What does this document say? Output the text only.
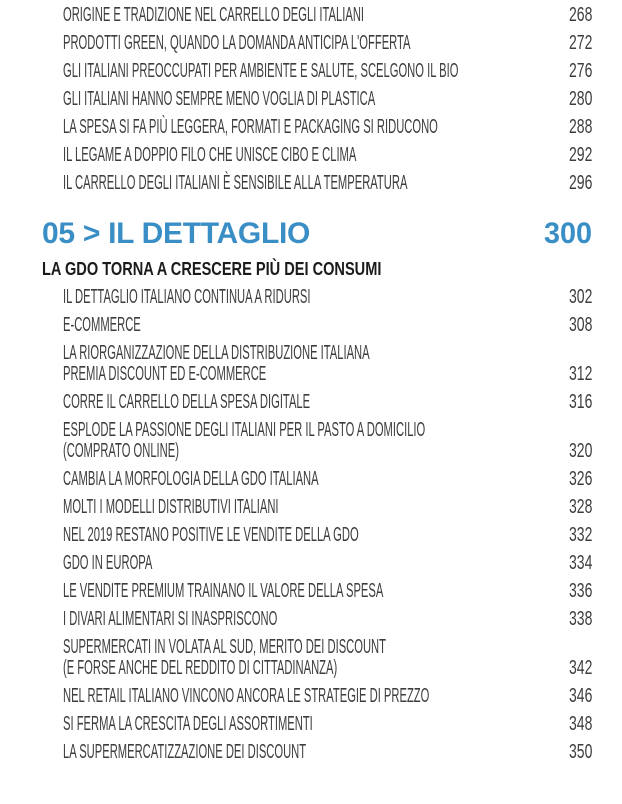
ORIGINE E TRADIZIONE NEL CARRELLO DEGLI ITALIANI	268
PRODOTTI GREEN, QUANDO LA DOMANDA ANTICIPA L'OFFERTA	272
GLI ITALIANI PREOCCUPATI PER AMBIENTE E SALUTE, SCELGONO IL BIO	276
GLI ITALIANI HANNO SEMPRE MENO VOGLIA DI PLASTICA	280
LA SPESA SI FA PIÙ LEGGERA, FORMATI E PACKAGING SI RIDUCONO	288
IL LEGAME A DOPPIO FILO CHE UNISCE CIBO E CLIMA	292
IL CARRELLO DEGLI ITALIANI È SENSIBILE ALLA TEMPERATURA	296
05 > IL DETTAGLIO	300
LA GDO TORNA A CRESCERE PIÙ DEI CONSUMI
IL DETTAGLIO ITALIANO CONTINUA A RIDURSI	302
E-COMMERCE	308
LA RIORGANIZZAZIONE DELLA DISTRIBUZIONE ITALIANA
PREMIA DISCOUNT ED E-COMMERCE	312
CORRE IL CARRELLO DELLA SPESA DIGITALE	316
ESPLODE LA PASSIONE DEGLI ITALIANI PER IL PASTO A DOMICILIO
(COMPRATO ONLINE)	320
CAMBIA LA MORFOLOGIA DELLA GDO ITALIANA	326
MOLTI I MODELLI DISTRIBUTIVI ITALIANI	328
NEL 2019 RESTANO POSITIVE LE VENDITE DELLA GDO	332
GDO IN EUROPA	334
LE VENDITE PREMIUM TRAINANO IL VALORE DELLA SPESA	336
I DIVARI ALIMENTARI SI INASPRISCONO	338
SUPERMERCATI IN VOLATA AL SUD, MERITO DEI DISCOUNT
(E FORSE ANCHE DEL REDDITO DI CITTADINANZA)	342
NEL RETAIL ITALIANO VINCONO ANCORA LE STRATEGIE DI PREZZO	346
SI FERMA LA CRESCITA DEGLI ASSORTIMENTI	348
LA SUPERMERCATIZZAZIONE DEI DISCOUNT	350
